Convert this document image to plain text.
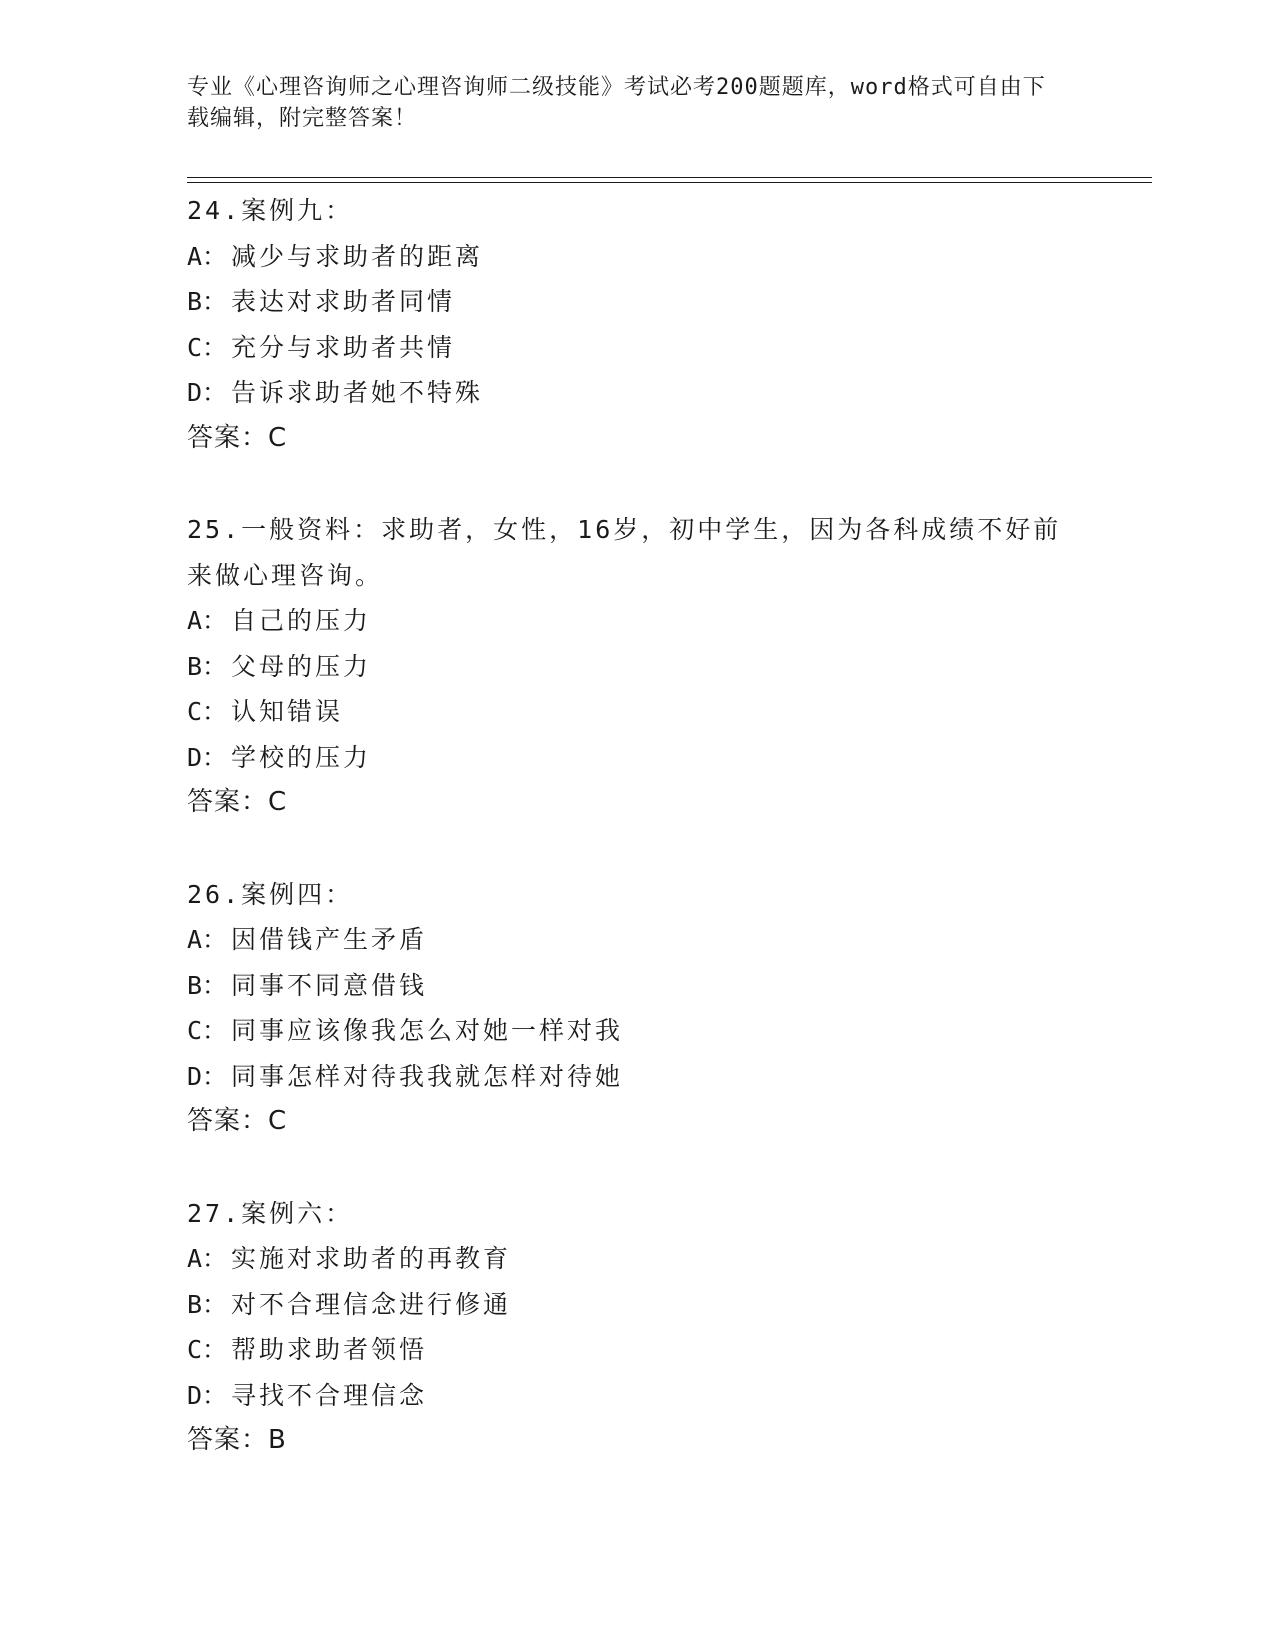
专业《心理咨询师之心理咨询师二级技能》考试必考200题题库，word格式可自由下载编辑，附完整答案！

24.案例九：

A： 减少与求助者的距离

B： 表达对求助者同情

C： 充分与求助者共情

D： 告诉求助者她不特殊

答案：C

25.一般资料：求助者，女性，16岁，初中学生，因为各科成绩不好前来做心理咨询。

A： 自己的压力

B： 父母的压力

C： 认知错误

D： 学校的压力

答案：C

26.案例四：

A： 因借钱产生矛盾

B： 同事不同意借钱

C： 同事应该像我怎么对她一样对我

D： 同事怎样对待我我就怎样对待她

答案：C

27.案例六：

A： 实施对求助者的再教育

B： 对不合理信念进行修通

C： 帮助求助者领悟

D： 寻找不合理信念

答案：B
